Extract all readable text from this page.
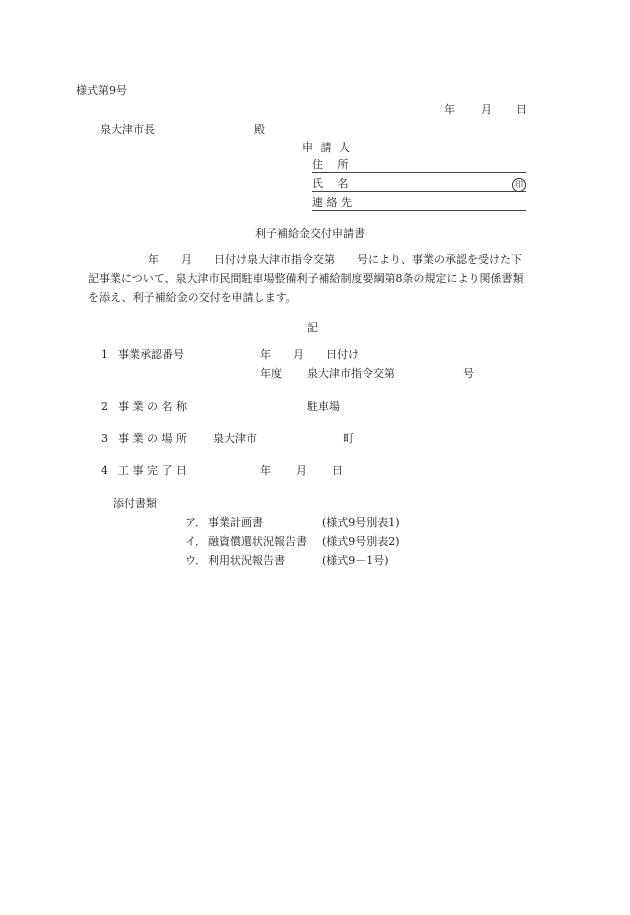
様式第9号
年 月 日
泉大津市長	殿
申 請 人
住　 所
氏　 名	印
連 絡 先
利子補給金交付申請書
年　　月　　日付け泉大津市指令交第　　号により、事業の承認を受けた下
記事業について、泉大津市民間駐車場整備利子補給制度要綱第8条の規定により関係書類
を添え、利子補給金の交付を申請します。
記
1 事業承認番号	年　　月　　日付け
年度 泉大津市指令交第	号
2 事 業 の 名 称	駐車場
3 事 業 の 場 所 泉大津市	町
4 工 事 完 了 日	年 月 日
添付書類
ア． 事業計画書	(様式9号別表1)
イ． 融資償還状況報告書 (様式9号別表2)
ウ． 利用状況報告書	(様式9－1号)
